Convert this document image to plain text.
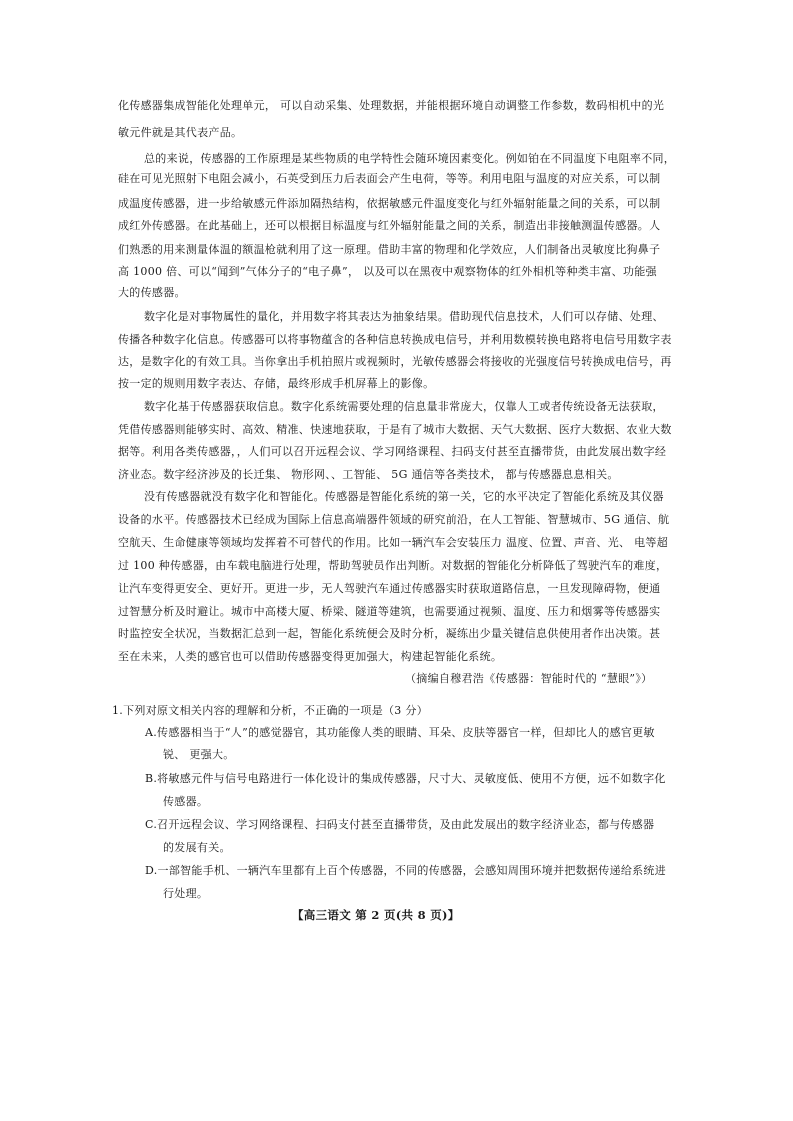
化传感器集成智能化处理单元， 可以自动采集、处理数据，并能根据环境自动调整工作参数，数码相机中的光
敏元件就是其代表产品。
总的来说，传感器的工作原理是某些物质的电学特性会随环境因素变化。例如铂在不同温度下电阻率不同，
硅在可见光照射下电阻会减小，石英受到压力后表面会产生电荷，等等。利用电阻与温度的对应关系，可以制
成温度传感器，进一步给敏感元件添加隔热结构，依据敏感元件温度变化与红外辐射能量之间的关系，可以制
成红外传感器。在此基础上，还可以根据目标温度与红外辐射能量之间的关系，制造出非接触测温传感器。人
们熟悉的用来测量体温的额温枪就利用了这一原理。借助丰富的物理和化学效应，人们制备出灵敏度比狗鼻子
高 1000 倍、可以“闻到”气体分子的“电子鼻”， 以及可以在黑夜中观察物体的红外相机等种类丰富、功能强
大的传感器。
数字化是对事物属性的量化，并用数字将其表达为抽象结果。借助现代信息技术，人们可以存储、处理、
传播各种数字化信息。传感器可以将事物蕴含的各种信息转换成电信号，并利用数模转换电路将电信号用数字表
达，是数字化的有效工具。当你拿出手机拍照片或视频时，光敏传感器会将接收的光强度信号转换成电信号，再
按一定的规则用数字表达、存储，最终形成手机屏幕上的影像。
数字化基于传感器获取信息。数字化系统需要处理的信息量非常庞大，仅靠人工或者传统设备无法获取，
凭借传感器则能够实时、高效、精准、快速地获取，于是有了城市大数据、天气大数据、医疗大数据、农业大数
据等。利用各类传感器，，人们可以召开远程会议、学习网络课程、扫码支付甚至直播带货，由此发展出数字经
济业态。数字经济涉及的长迁集、 物形网、、工智能、 5G 通信等各类技术， 都与传感器息息相关。
没有传感器就没有数字化和智能化。传感器是智能化系统的第一关，它的水平决定了智能化系统及其仪器
设备的水平。传感器技术已经成为国际上信息高端器件领域的研究前沿，在人工智能、智慧城市、5G 通信、航
空航天、生命健康等领域均发挥着不可替代的作用。比如一辆汽车会安装压力 温度、位置、声音、光、 电等超
过 100 种传感器，由车载电脑进行处理，帮助驾驶员作出判断。对数据的智能化分析降低了驾驶汽车的难度，
让汽车变得更安全、更好开。更进一步，无人驾驶汽车通过传感器实时获取道路信息，一旦发现障碍物，便通
过智慧分析及时避让。城市中高楼大厦、桥梁、隧道等建筑，也需要通过视频、温度、压力和烟雾等传感器实
时监控安全状况，当数据汇总到一起，智能化系统便会及时分析，凝练出少量关键信息供使用者作出决策。甚
至在未来，人类的感官也可以借助传感器变得更加强大，构建起智能化系统。
（摘编自穆君浩《传感器：智能时代的 “慧眼”》）
1.下列对原文相关内容的理解和分析，不正确的一项是（3 分）
A.传感器相当于“人”的感觉器官，其功能像人类的眼睛、耳朵、皮肤等器官一样，但却比人的感官更敏
锐、 更强大。
B.将敏感元件与信号电路进行一体化设计的集成传感器，尺寸大、灵敏度低、使用不方便，远不如数字化
传感器。
C.召开远程会议、学习网络课程、扫码支付甚至直播带货，及由此发展出的数字经济业态，都与传感器
的发展有关。
D.一部智能手机、一辆汽车里都有上百个传感器，不同的传感器，会感知周围环境并把数据传递给系统进
行处理。
【高三语文 第 2 页(共 8 页)】
